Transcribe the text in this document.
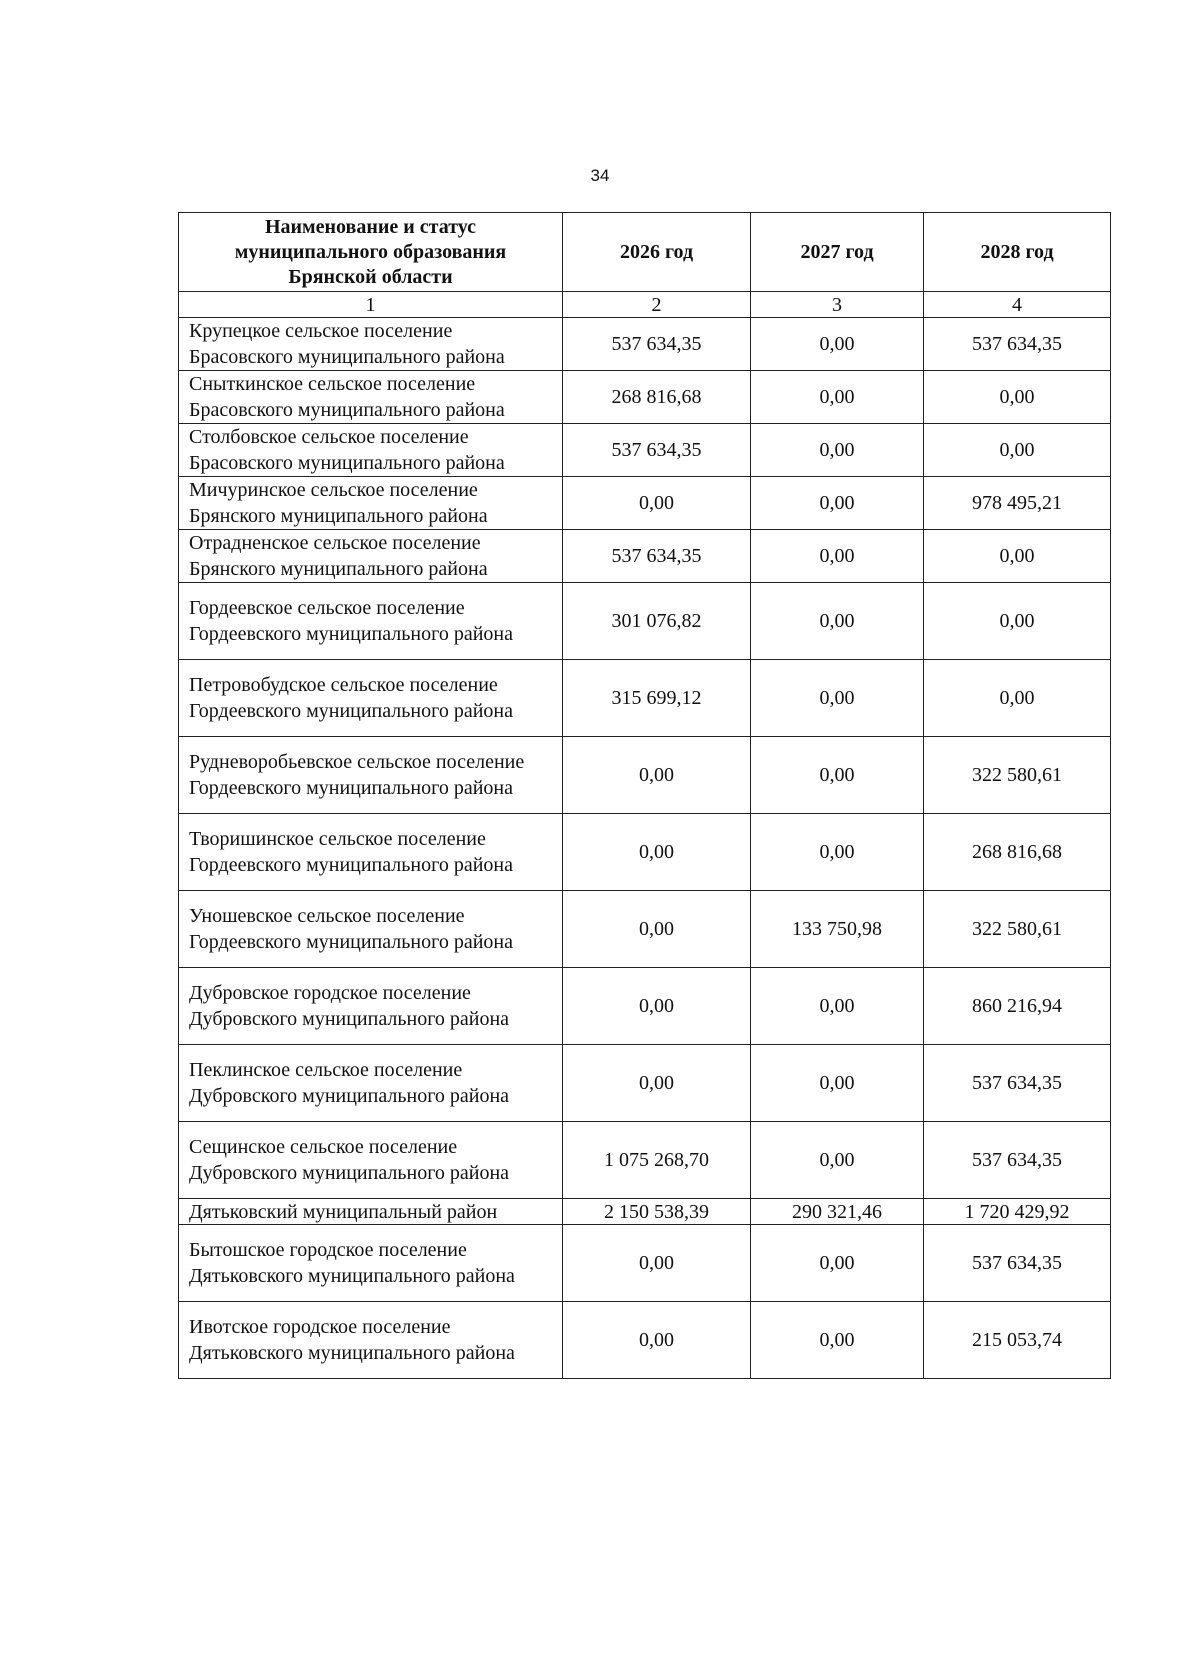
34
Наименование и статус муниципального образования Брянской области	2026 год	2027 год	2028 год
1	2	3	4
Крупецкое сельское поселение Брасовского муниципального района	537 634,35	0,00	537 634,35
Сныткинское сельское поселение Брасовского муниципального района	268 816,68	0,00	0,00
Столбовское сельское поселение Брасовского муниципального района	537 634,35	0,00	0,00
Мичуринское сельское поселение Брянского муниципального района	0,00	0,00	978 495,21
Отрадненское сельское поселение Брянского муниципального района	537 634,35	0,00	0,00
Гордеевское сельское поселение Гордеевского муниципального района	301 076,82	0,00	0,00
Петровобудское сельское поселение Гордеевского муниципального района	315 699,12	0,00	0,00
Рудневоробьевское сельское поселение Гордеевского муниципального района	0,00	0,00	322 580,61
Творишинское сельское поселение Гордеевского муниципального района	0,00	0,00	268 816,68
Уношевское сельское поселение Гордеевского муниципального района	0,00	133 750,98	322 580,61
Дубровское городское поселение Дубровского муниципального района	0,00	0,00	860 216,94
Пеклинское сельское поселение Дубровского муниципального района	0,00	0,00	537 634,35
Сещинское сельское поселение Дубровского муниципального района	1 075 268,70	0,00	537 634,35
Дятьковский муниципальный район	2 150 538,39	290 321,46	1 720 429,92
Бытошское городское поселение Дятьковского муниципального района	0,00	0,00	537 634,35
Ивотское городское поселение Дятьковского муниципального района	0,00	0,00	215 053,74
